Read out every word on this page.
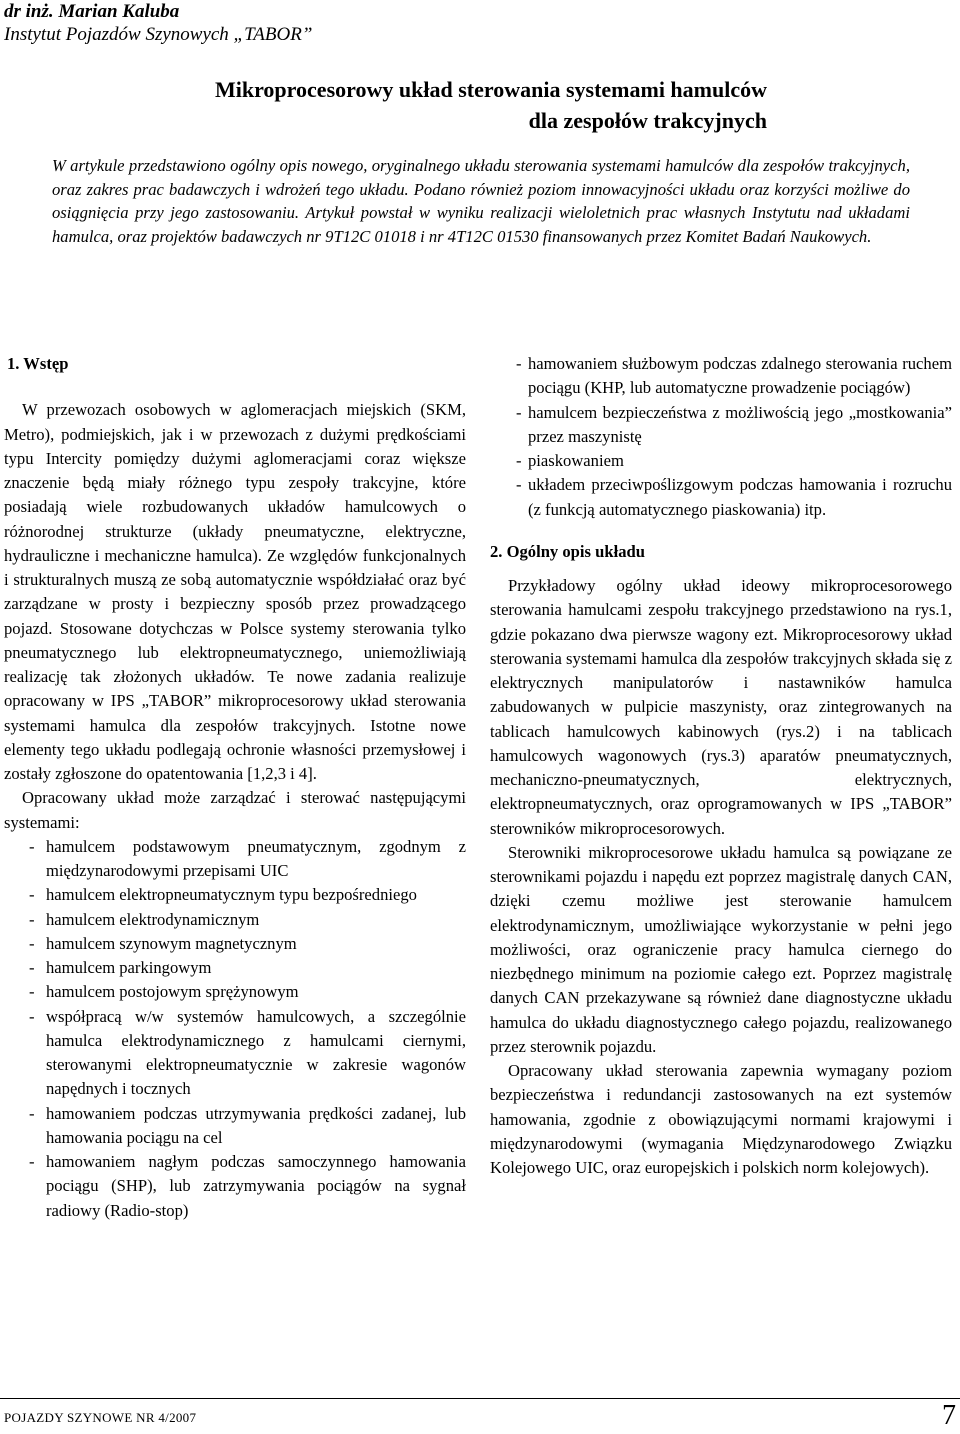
dr inż. Marian Kaluba
Instytut Pojazdów Szynowych „TABOR”
Mikroprocesorowy układ sterowania systemami hamulców
dla zespołów trakcyjnych
W artykule przedstawiono ogólny opis nowego, oryginalnego układu sterowania systemami hamulców dla zespołów trakcyjnych, oraz zakres prac badawczych i wdrożeń tego układu. Podano również poziom innowacyjności układu oraz korzyści możliwe do osiągnięcia przy jego zastosowaniu. Artykuł powstał w wyniku realizacji wieloletnich prac własnych Instytutu nad układami hamulca, oraz projektów badawczych nr 9T12C 01018 i nr 4T12C 01530 finansowanych przez Komitet Badań Naukowych.

1. Wstęp

W przewozach osobowych w aglomeracjach miejskich (SKM, Metro), podmiejskich, jak i w przewozach z dużymi prędkościami typu Intercity pomiędzy dużymi aglomeracjami coraz większe znaczenie będą miały różnego typu zespoły trakcyjne, które posiadają wiele rozbudowanych układów hamulcowych o różnorodnej strukturze (układy pneumatyczne, elektryczne, hydrauliczne i mechaniczne hamulca). Ze względów funkcjonalnych i strukturalnych muszą ze sobą automatycznie współdziałać oraz być zarządzane w prosty i bezpieczny sposób przez prowadzącego pojazd. Stosowane dotychczas w Polsce systemy sterowania tylko pneumatycznego lub elektropneumatycznego, uniemożliwiają realizację tak złożonych układów. Te nowe zadania realizuje opracowany w IPS „TABOR” mikroprocesorowy układ sterowania systemami hamulca dla zespołów trakcyjnych. Istotne nowe elementy tego układu podlegają ochronie własności przemysłowej i zostały zgłoszone do opatentowania [1,2,3 i 4].

Opracowany układ może zarządzać i sterować następującymi systemami:

- hamulcem podstawowym pneumatycznym, zgodnym z międzynarodowymi przepisami UIC
- hamulcem elektropneumatycznym typu bezpośredniego
- hamulcem elektrodynamicznym
- hamulcem szynowym magnetycznym
- hamulcem parkingowym
- hamulcem postojowym sprężynowym
- współpracą w/w systemów hamulcowych, a szczególnie hamulca elektrodynamicznego z hamulcami ciernymi, sterowanymi elektropneumatycznie w zakresie wagonów napędnych i tocznych
- hamowaniem podczas utrzymywania prędkości zadanej, lub hamowania pociągu na cel
- hamowaniem nagłym podczas samoczynnego hamowania pociągu (SHP), lub zatrzymywania pociągów na sygnał radiowy (Radio-stop)
- hamowaniem służbowym podczas zdalnego sterowania ruchem pociągu (KHP, lub automatyczne prowadzenie pociągów)
- hamulcem bezpieczeństwa z możliwością jego „mostkowania” przez maszynistę
- piaskowaniem
- układem przeciwpoślizgowym podczas hamowania i rozruchu (z funkcją automatycznego piaskowania) itp.

2. Ogólny opis układu

Przykładowy ogólny układ ideowy mikroprocesorowego sterowania hamulcami zespołu trakcyjnego przedstawiono na rys.1, gdzie pokazano dwa pierwsze wagony ezt. Mikroprocesorowy układ sterowania systemami hamulca dla zespołów trakcyjnych składa się z elektrycznych manipulatorów i nastawników hamulca zabudowanych w pulpicie maszynisty, oraz zintegrowanych na tablicach hamulcowych kabinowych (rys.2) i na tablicach hamulcowych wagonowych (rys.3) aparatów pneumatycznych, mechaniczno-pneumatycznych, elektrycznych, elektropneumatycznych, oraz oprogramowanych w IPS „TABOR” sterowników mikroprocesorowych.

Sterowniki mikroprocesorowe układu hamulca są powiązane ze sterownikami pojazdu i napędu ezt poprzez magistralę danych CAN, dzięki czemu możliwe jest sterowanie hamulcem elektrodynamicznym, umożliwiające wykorzystanie w pełni jego możliwości, oraz ograniczenie pracy hamulca ciernego do niezbędnego minimum na poziomie całego ezt. Poprzez magistralę danych CAN przekazywane są również dane diagnostyczne układu hamulca do układu diagnostycznego całego pojazdu, realizowanego przez sterownik pojazdu.

Opracowany układ sterowania zapewnia wymagany poziom bezpieczeństwa i redundancji zastosowanych na ezt systemów hamowania, zgodnie z obowiązującymi normami krajowymi i międzynarodowymi (wymagania Międzynarodowego Związku Kolejowego UIC, oraz europejskich i polskich norm kolejowych).

POJAZDY SZYNOWE NR 4/2007	7
